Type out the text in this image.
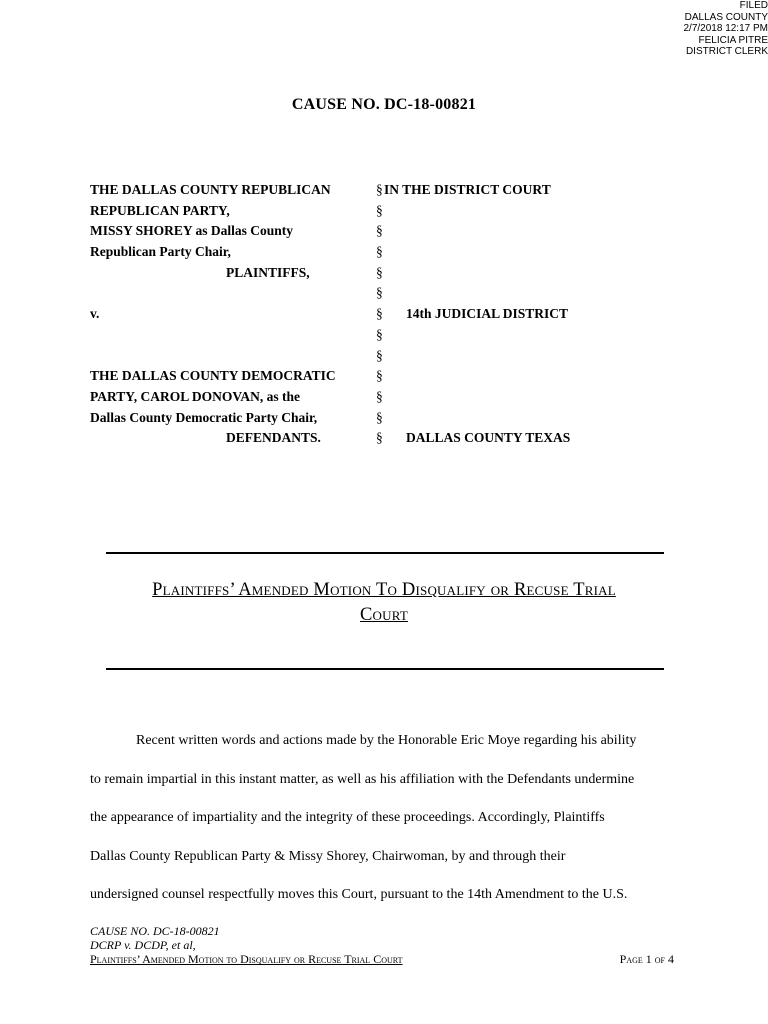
FILED
DALLAS COUNTY
2/7/2018 12:17 PM
FELICIA PITRE
DISTRICT CLERK
CAUSE NO. DC-18-00821
THE DALLAS COUNTY REPUBLICAN	§ IN THE DISTRICT COURT
REPUBLICAN PARTY,	§
MISSY SHOREY as Dallas County	§
Republican Party Chair,	§
PLAINTIFFS,	§
§
v.	§ 14th JUDICIAL DISTRICT
§
§
THE DALLAS COUNTY DEMOCRATIC	§
PARTY, CAROL DONOVAN, as the	§
Dallas County Democratic Party Chair,	§
DEFENDANTS.	§ DALLAS COUNTY TEXAS
Plaintiffs’ Amended Motion To Disqualify or Recuse Trial
Court
Recent written words and actions made by the Honorable Eric Moye regarding his ability
to remain impartial in this instant matter, as well as his affiliation with the Defendants undermine
the appearance of impartiality and the integrity of these proceedings. Accordingly, Plaintiffs
Dallas County Republican Party & Missy Shorey, Chairwoman, by and through their
undersigned counsel respectfully moves this Court, pursuant to the 14th Amendment to the U.S.
CAUSE NO. DC-18-00821
DCRP v. DCDP, et al,
Plaintiffs’ Amended Motion to Disqualify or Recuse Trial Court	Page 1 of 4
